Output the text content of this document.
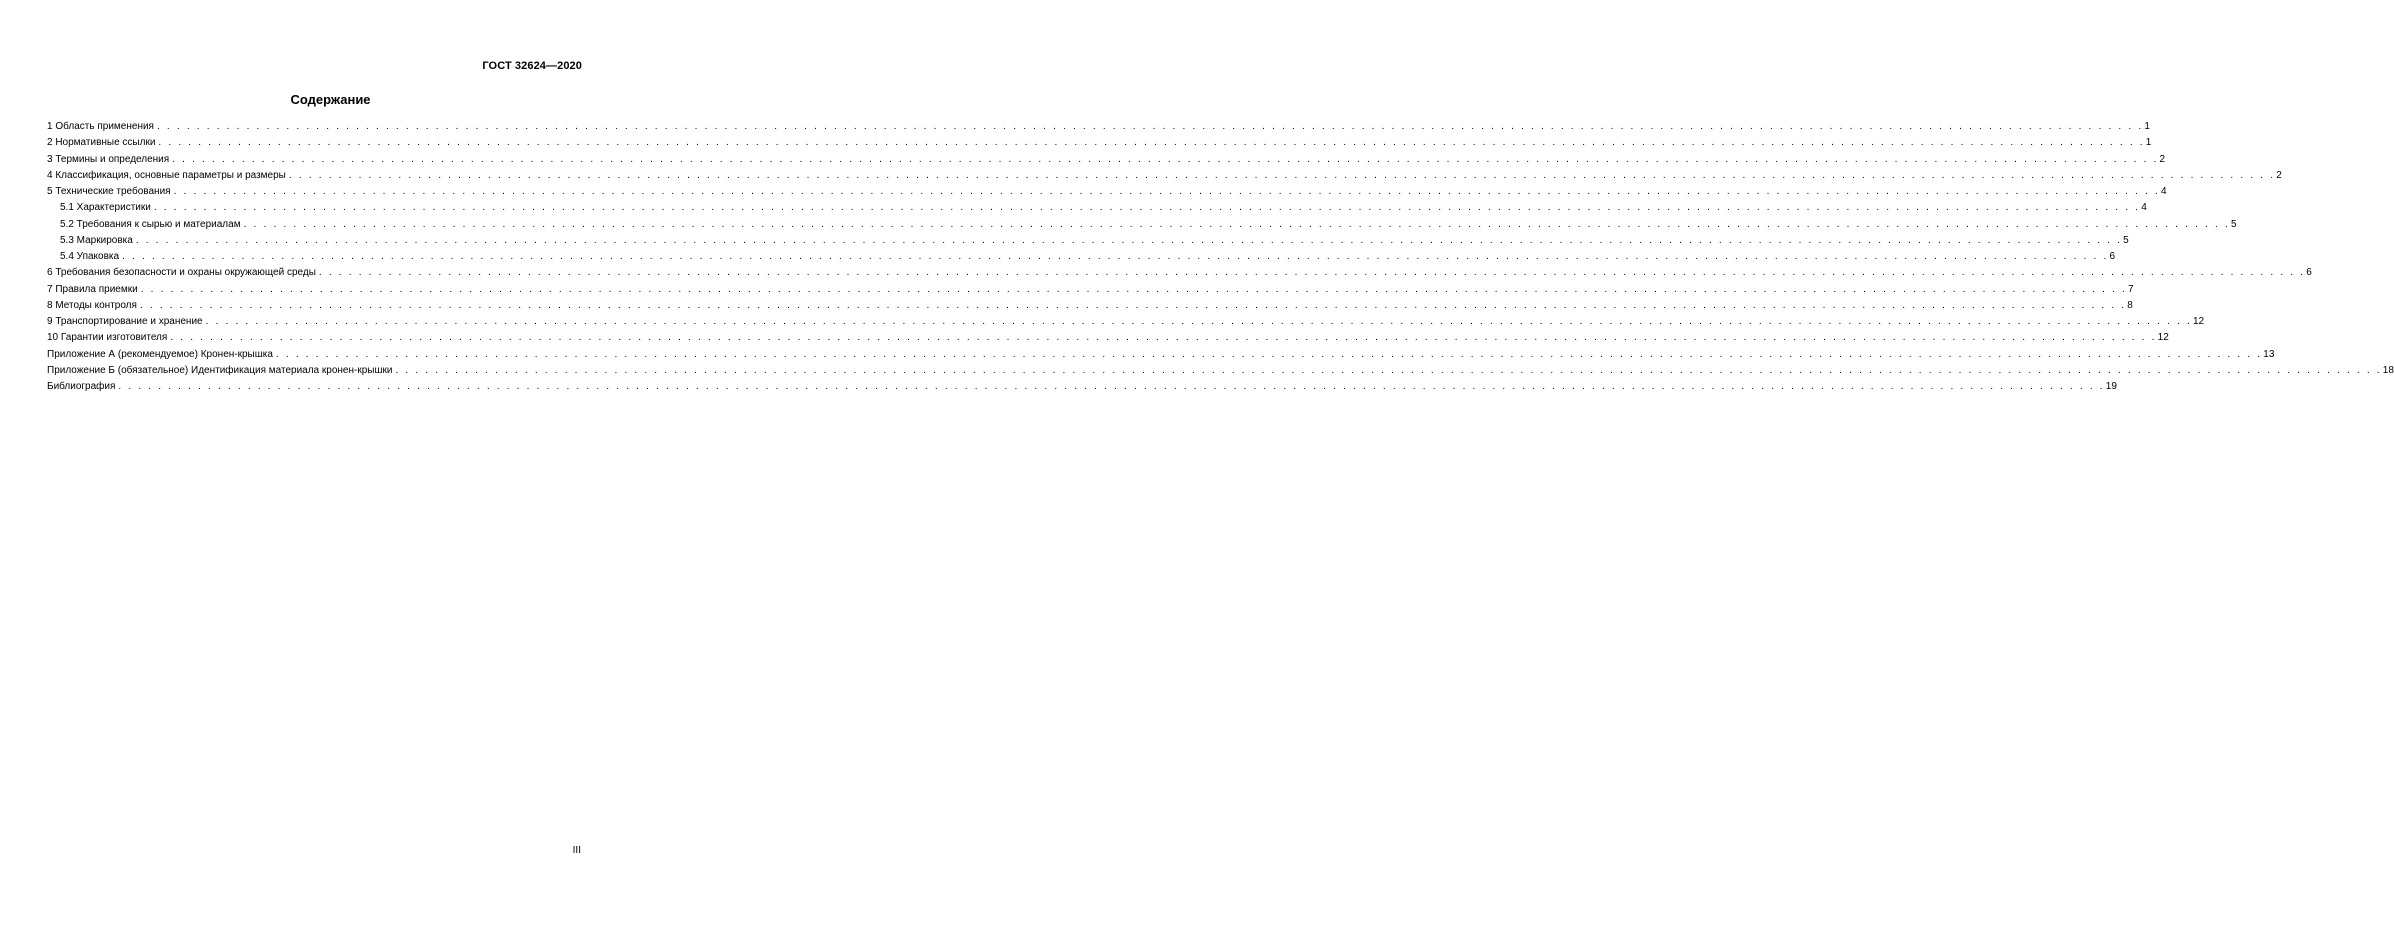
ГОСТ 32624—2020
Содержание
1 Область применения . . . . . . . . . . . . . . . . . . . . . . . . . . . . . . . . . . . . . . . . . . . . . . . . . . . . . . . . . . . . . . . . . . . . . . . . . . . . . . . . . . . . . . . . . . . . . . . . . . . . . . . . . . . . . . . . . . . . . . . . . . . . . . . . . . . . . . . . . . . . . . . . . . . . . . . . . . . . . . . . . . . . . . . . . . . . . . . . . . . . . . . . . . . . . . . . . . . . . . . . 1
2 Нормативные ссылки . . . . . . . . . . . . . . . . . . . . . . . . . . . . . . . . . . . . . . . . . . . . . . . . . . . . . . . . . . . . . . . . . . . . . . . . . . . . . . . . . . . . . . . . . . . . . . . . . . . . . . . . . . . . . . . . . . . . . . . . . . . . . . . . . . . . . . . . . . . . . . . . . . . . . . . . . . . . . . . . . . . . . . . . . . . . . . . . . . . . . . . . . . . . . . . . . . . . . . . . 1
3 Термины и определения . . . . . . . . . . . . . . . . . . . . . . . . . . . . . . . . . . . . . . . . . . . . . . . . . . . . . . . . . . . . . . . . . . . . . . . . . . . . . . . . . . . . . . . . . . . . . . . . . . . . . . . . . . . . . . . . . . . . . . . . . . . . . . . . . . . . . . . . . . . . . . . . . . . . . . . . . . . . . . . . . . . . . . . . . . . . . . . . . . . . . . . . . . . . . . . . . . . . . . . . 2
4 Классификация, основные параметры и размеры . . . . . . . . . . . . . . . . . . . . . . . . . . . . . . . . . . . . . . . . . . . . . . . . . . . . . . . . . . . . . . . . . . . . . . . . . . . . . . . . . . . . . . . . . . . . . . . . . . . . . . . . . . . . . . . . . . . . . . . . . . . . . . . . . . . . . . . . . . . . . . . . . . . . . . . . . . . . . . . . . . . . . . . . . . . . . . . . . . . . . . . . . . . . . . . . . . . . . . . . 2
5 Технические требования . . . . . . . . . . . . . . . . . . . . . . . . . . . . . . . . . . . . . . . . . . . . . . . . . . . . . . . . . . . . . . . . . . . . . . . . . . . . . . . . . . . . . . . . . . . . . . . . . . . . . . . . . . . . . . . . . . . . . . . . . . . . . . . . . . . . . . . . . . . . . . . . . . . . . . . . . . . . . . . . . . . . . . . . . . . . . . . . . . . . . . . . . . . . . . . . . . . . . . . . 4
5.1 Характеристики . . . . . . . . . . . . . . . . . . . . . . . . . . . . . . . . . . . . . . . . . . . . . . . . . . . . . . . . . . . . . . . . . . . . . . . . . . . . . . . . . . . . . . . . . . . . . . . . . . . . . . . . . . . . . . . . . . . . . . . . . . . . . . . . . . . . . . . . . . . . . . . . . . . . . . . . . . . . . . . . . . . . . . . . . . . . . . . . . . . . . . . . . . . . . . . . . . . . . . . . 4
5.2 Требования к сырью и материалам . . . . . . . . . . . . . . . . . . . . . . . . . . . . . . . . . . . . . . . . . . . . . . . . . . . . . . . . . . . . . . . . . . . . . . . . . . . . . . . . . . . . . . . . . . . . . . . . . . . . . . . . . . . . . . . . . . . . . . . . . . . . . . . . . . . . . . . . . . . . . . . . . . . . . . . . . . . . . . . . . . . . . . . . . . . . . . . . . . . . . . . . . . . . . . . . . . . . . . . . 5
5.3 Маркировка . . . . . . . . . . . . . . . . . . . . . . . . . . . . . . . . . . . . . . . . . . . . . . . . . . . . . . . . . . . . . . . . . . . . . . . . . . . . . . . . . . . . . . . . . . . . . . . . . . . . . . . . . . . . . . . . . . . . . . . . . . . . . . . . . . . . . . . . . . . . . . . . . . . . . . . . . . . . . . . . . . . . . . . . . . . . . . . . . . . . . . . . . . . . . . . . . . . . . . . . 5
5.4 Упаковка . . . . . . . . . . . . . . . . . . . . . . . . . . . . . . . . . . . . . . . . . . . . . . . . . . . . . . . . . . . . . . . . . . . . . . . . . . . . . . . . . . . . . . . . . . . . . . . . . . . . . . . . . . . . . . . . . . . . . . . . . . . . . . . . . . . . . . . . . . . . . . . . . . . . . . . . . . . . . . . . . . . . . . . . . . . . . . . . . . . . . . . . . . . . . . . . . . . . . . . . 6
6 Требования безопасности и охраны окружающей среды . . . . . . . . . . . . . . . . . . . . . . . . . . . . . . . . . . . . . . . . . . . . . . . . . . . . . . . . . . . . . . . . . . . . . . . . . . . . . . . . . . . . . . . . . . . . . . . . . . . . . . . . . . . . . . . . . . . . . . . . . . . . . . . . . . . . . . . . . . . . . . . . . . . . . . . . . . . . . . . . . . . . . . . . . . . . . . . . . . . . . . . . . . . . . . . . . . . . . . . . 6
7 Правила приемки . . . . . . . . . . . . . . . . . . . . . . . . . . . . . . . . . . . . . . . . . . . . . . . . . . . . . . . . . . . . . . . . . . . . . . . . . . . . . . . . . . . . . . . . . . . . . . . . . . . . . . . . . . . . . . . . . . . . . . . . . . . . . . . . . . . . . . . . . . . . . . . . . . . . . . . . . . . . . . . . . . . . . . . . . . . . . . . . . . . . . . . . . . . . . . . . . . . . . . . . 7
8 Методы контроля . . . . . . . . . . . . . . . . . . . . . . . . . . . . . . . . . . . . . . . . . . . . . . . . . . . . . . . . . . . . . . . . . . . . . . . . . . . . . . . . . . . . . . . . . . . . . . . . . . . . . . . . . . . . . . . . . . . . . . . . . . . . . . . . . . . . . . . . . . . . . . . . . . . . . . . . . . . . . . . . . . . . . . . . . . . . . . . . . . . . . . . . . . . . . . . . . . . . . . . . 8
9 Транспортирование и хранение . . . . . . . . . . . . . . . . . . . . . . . . . . . . . . . . . . . . . . . . . . . . . . . . . . . . . . . . . . . . . . . . . . . . . . . . . . . . . . . . . . . . . . . . . . . . . . . . . . . . . . . . . . . . . . . . . . . . . . . . . . . . . . . . . . . . . . . . . . . . . . . . . . . . . . . . . . . . . . . . . . . . . . . . . . . . . . . . . . . . . . . . . . . . . . . . . . . . . . . . 12
10 Гарантии изготовителя . . . . . . . . . . . . . . . . . . . . . . . . . . . . . . . . . . . . . . . . . . . . . . . . . . . . . . . . . . . . . . . . . . . . . . . . . . . . . . . . . . . . . . . . . . . . . . . . . . . . . . . . . . . . . . . . . . . . . . . . . . . . . . . . . . . . . . . . . . . . . . . . . . . . . . . . . . . . . . . . . . . . . . . . . . . . . . . . . . . . . . . . . . . . . . . . . . . . . . . . 12
Приложение А (рекомендуемое) Кронен-крышка . . . . . . . . . . . . . . . . . . . . . . . . . . . . . . . . . . . . . . . . . . . . . . . . . . . . . . . . . . . . . . . . . . . . . . . . . . . . . . . . . . . . . . . . . . . . . . . . . . . . . . . . . . . . . . . . . . . . . . . . . . . . . . . . . . . . . . . . . . . . . . . . . . . . . . . . . . . . . . . . . . . . . . . . . . . . . . . . . . . . . . . . . . . . . . . . . . . . . . . . 13
Приложение Б (обязательное) Идентификация материала кронен-крышки . . . . . . . . . . . . . . . . . . . . . . . . . . . . . . . . . . . . . . . . . . . . . . . . . . . . . . . . . . . . . . . . . . . . . . . . . . . . . . . . . . . . . . . . . . . . . . . . . . . . . . . . . . . . . . . . . . . . . . . . . . . . . . . . . . . . . . . . . . . . . . . . . . . . . . . . . . . . . . . . . . . . . . . . . . . . . . . . . . . . . . . . . . . . . . . . . . . . . . . . 18
Библиография . . . . . . . . . . . . . . . . . . . . . . . . . . . . . . . . . . . . . . . . . . . . . . . . . . . . . . . . . . . . . . . . . . . . . . . . . . . . . . . . . . . . . . . . . . . . . . . . . . . . . . . . . . . . . . . . . . . . . . . . . . . . . . . . . . . . . . . . . . . . . . . . . . . . . . . . . . . . . . . . . . . . . . . . . . . . . . . . . . . . . . . . . . . . . . . . . . . . . . . . 19
III
